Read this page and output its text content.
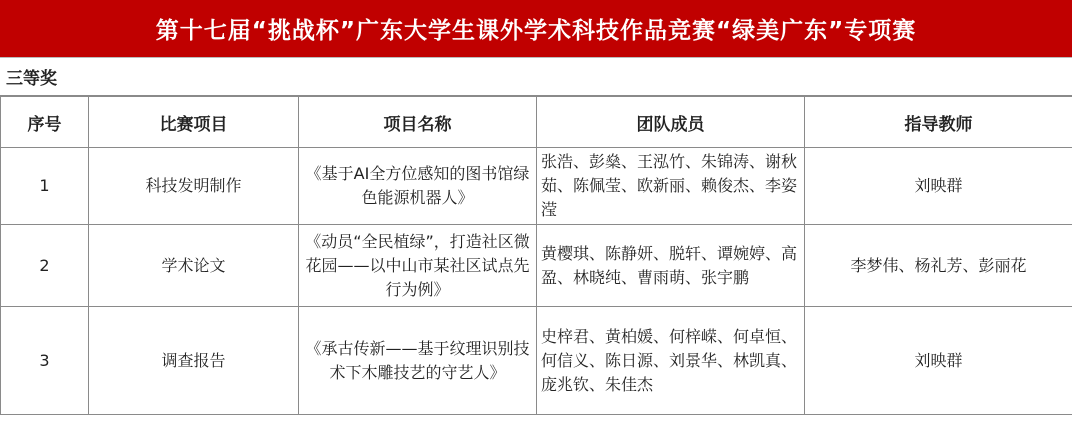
第十七届“挑战杯”广东大学生课外学术科技作品竞赛“绿美广东”专项赛
三等奖
序号	比赛项目	项目名称	团队成员	指导教师
1	科技发明制作	《基于AI全方位感知的图书馆绿色能源机器人》	张浩、彭燊、王泓竹、朱锦涛、谢秋茹、陈佩莹、欧新丽、赖俊杰、李姿滢	刘映群
2	学术论文	《动员“全民植绿”，打造社区微花园——以中山市某社区试点先行为例》	黄樱琪、陈静妍、脱轩、谭婉婷、高盈、林晓纯、曹雨萌、张宇鹏	李梦伟、杨礼芳、彭丽花
3	调查报告	《承古传新——基于纹理识别技术下木雕技艺的守艺人》	史梓君、黄柏媛、何梓嵘、何卓恒、何信义、陈日源、刘景华、林凯真、庞兆钦、朱佳杰	刘映群
